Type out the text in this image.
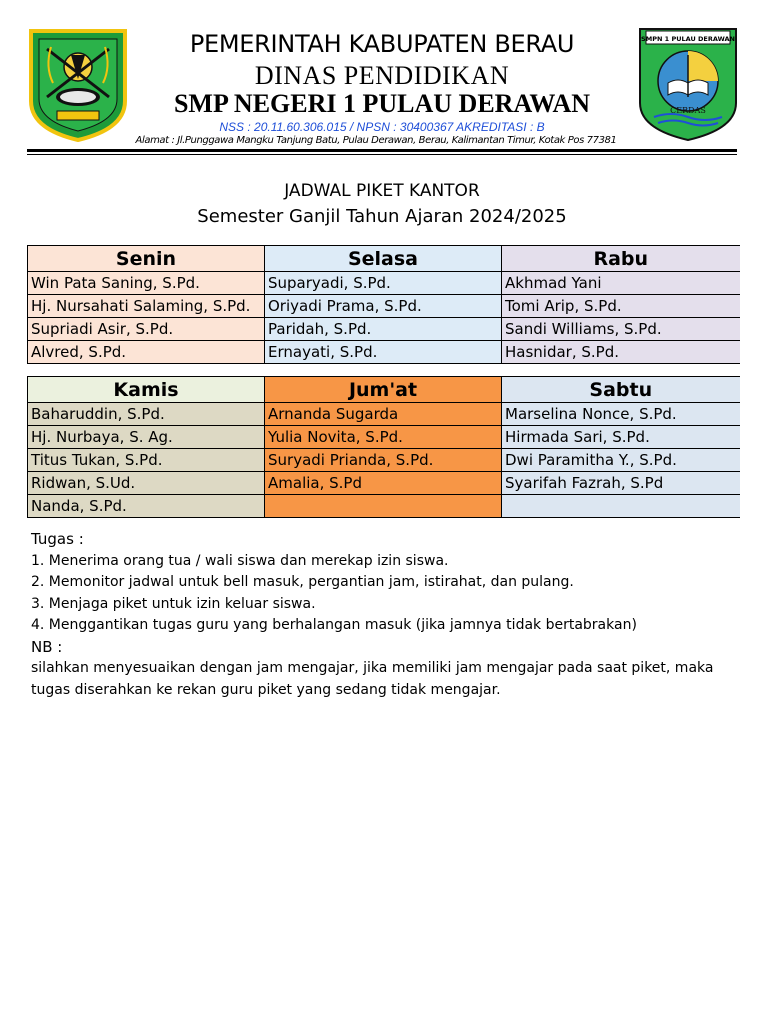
PEMERINTAH KABUPATEN BERAU
DINAS PENDIDIKAN
SMP NEGERI 1 PULAU DERAWAN
NSS : 20.11.60.306.015 / NPSN : 30400367 AKREDITASI : B
Alamat : Jl.Punggawa Mangku Tanjung Batu, Pulau Derawan, Berau, Kalimantan Timur, Kotak Pos 77381
SMPN 1 PULAU DERAWAN
CERDAS
JADWAL PIKET KANTOR
Semester Ganjil Tahun Ajaran 2024/2025
Senin	Selasa	Rabu
Win Pata Saning, S.Pd.	Suparyadi, S.Pd.	Akhmad Yani
Hj. Nursahati Salaming, S.Pd.	Oriyadi Prama, S.Pd.	Tomi Arip, S.Pd.
Supriadi Asir, S.Pd.	Paridah, S.Pd.	Sandi Williams, S.Pd.
Alvred, S.Pd.	Ernayati, S.Pd.	Hasnidar, S.Pd.
Kamis	Jum'at	Sabtu
Baharuddin, S.Pd.	Arnanda Sugarda	Marselina Nonce, S.Pd.
Hj. Nurbaya, S. Ag.	Yulia Novita, S.Pd.	Hirmada Sari, S.Pd.
Titus Tukan, S.Pd.	Suryadi Prianda, S.Pd.	Dwi Paramitha Y., S.Pd.
Ridwan, S.Ud.	Amalia, S.Pd	Syarifah Fazrah, S.Pd
Nanda, S.Pd.		
Tugas :
1. Menerima orang tua / wali siswa dan merekap izin siswa.
2. Memonitor jadwal untuk bell masuk, pergantian jam, istirahat, dan pulang.
3. Menjaga piket untuk izin keluar siswa.
4. Menggantikan tugas guru yang berhalangan masuk (jika jamnya tidak bertabrakan)
NB :
silahkan menyesuaikan dengan jam mengajar, jika memiliki jam mengajar pada saat piket, maka
tugas diserahkan ke rekan guru piket yang sedang tidak mengajar.
